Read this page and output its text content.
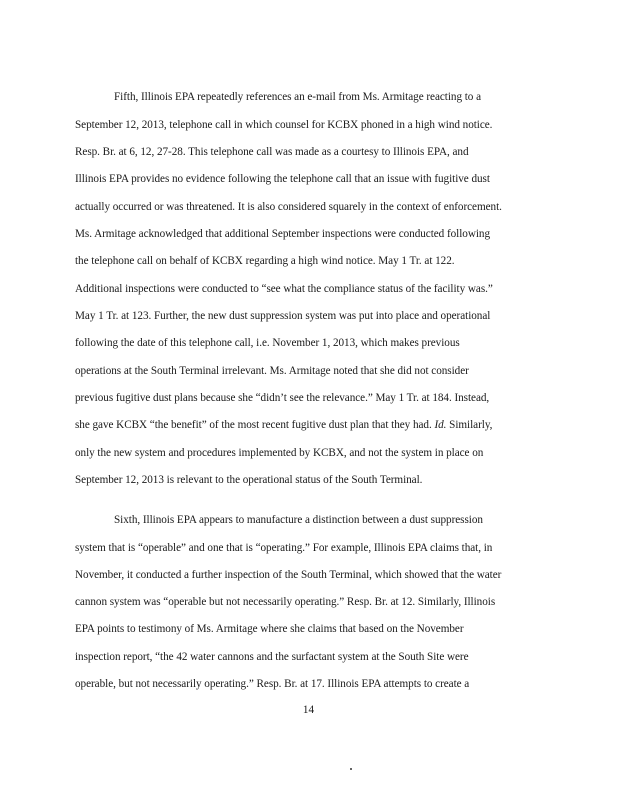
Fifth, Illinois EPA repeatedly references an e-mail from Ms. Armitage reacting to a
September 12, 2013, telephone call in which counsel for KCBX phoned in a high wind notice.
Resp. Br. at 6, 12, 27-28. This telephone call was made as a courtesy to Illinois EPA, and
Illinois EPA provides no evidence following the telephone call that an issue with fugitive dust
actually occurred or was threatened. It is also considered squarely in the context of enforcement.
Ms. Armitage acknowledged that additional September inspections were conducted following
the telephone call on behalf of KCBX regarding a high wind notice. May 1 Tr. at 122.
Additional inspections were conducted to “see what the compliance status of the facility was.”
May 1 Tr. at 123. Further, the new dust suppression system was put into place and operational
following the date of this telephone call, i.e. November 1, 2013, which makes previous
operations at the South Terminal irrelevant. Ms. Armitage noted that she did not consider
previous fugitive dust plans because she “didn’t see the relevance.” May 1 Tr. at 184. Instead,
she gave KCBX “the benefit” of the most recent fugitive dust plan that they had. Id. Similarly,
only the new system and procedures implemented by KCBX, and not the system in place on
September 12, 2013 is relevant to the operational status of the South Terminal.
Sixth, Illinois EPA appears to manufacture a distinction between a dust suppression
system that is “operable” and one that is “operating.” For example, Illinois EPA claims that, in
November, it conducted a further inspection of the South Terminal, which showed that the water
cannon system was “operable but not necessarily operating.” Resp. Br. at 12. Similarly, Illinois
EPA points to testimony of Ms. Armitage where she claims that based on the November
inspection report, “the 42 water cannons and the surfactant system at the South Site were
operable, but not necessarily operating.” Resp. Br. at 17. Illinois EPA attempts to create a
14
